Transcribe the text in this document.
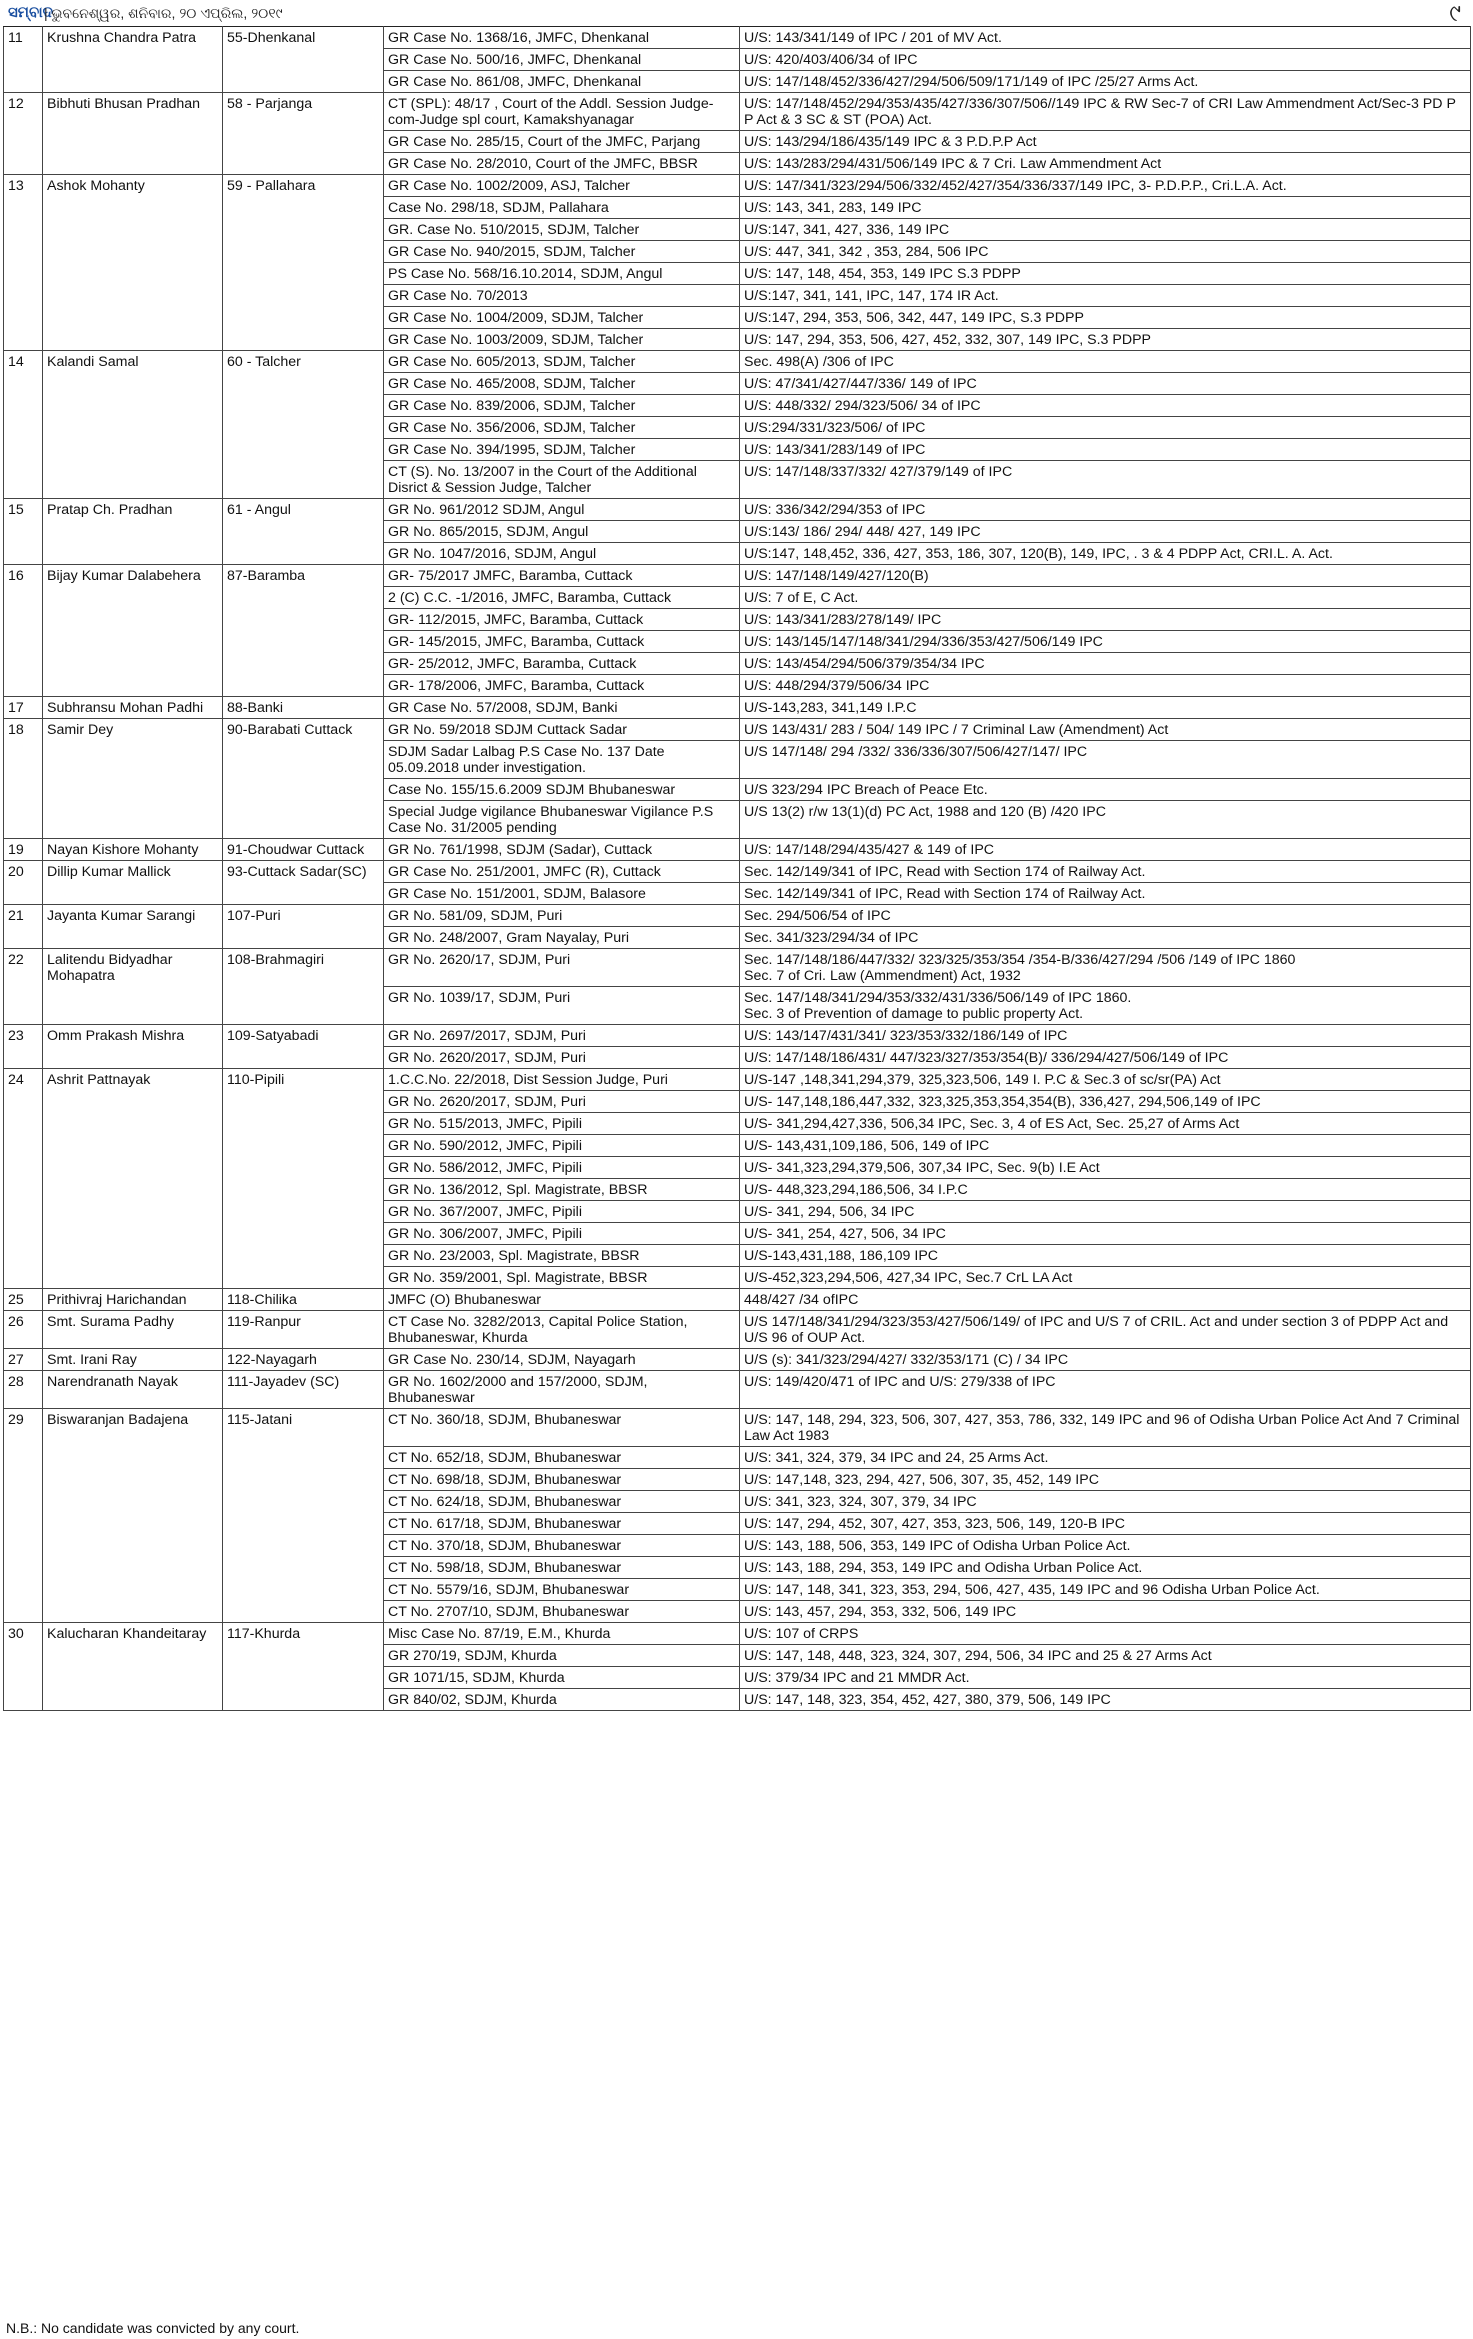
ସମ୍ବାଦ
| ଭୁବନେଶ୍ୱର, ଶନିବାର, ୨୦ ଏପ୍ରିଲ, ୨୦୧୯	୯
11	Krushna Chandra Patra	55-Dhenkanal	GR Case No. 1368/16, JMFC, Dhenkanal	U/S: 143/341/149 of IPC / 201 of MV Act.
			GR Case No. 500/16, JMFC, Dhenkanal	U/S: 420/403/406/34 of IPC
			GR Case No. 861/08, JMFC, Dhenkanal	U/S: 147/148/452/336/427/294/506/509/171/149 of IPC /25/27 Arms Act.
12	Bibhuti Bhusan Pradhan	58 - Parjanga	CT (SPL): 48/17 , Court of the Addl. Session Judge-com-Judge spl court, Kamakshyanagar	U/S: 147/148/452/294/353/435/427/336/307/506//149 IPC & RW Sec-7 of CRI Law Ammendment Act/Sec-3 PD P P Act & 3 SC & ST (POA) Act.
			GR Case No. 285/15, Court of the JMFC, Parjang	U/S: 143/294/186/435/149 IPC & 3 P.D.P.P Act
			GR Case No. 28/2010, Court of the JMFC, BBSR	U/S: 143/283/294/431/506/149 IPC & 7 Cri. Law Ammendment Act
13	Ashok Mohanty	59 - Pallahara	GR Case No. 1002/2009, ASJ, Talcher	U/S: 147/341/323/294/506/332/452/427/354/336/337/149 IPC, 3- P.D.P.P., Cri.L.A. Act.
			Case No. 298/18, SDJM, Pallahara	U/S: 143, 341, 283, 149 IPC
			GR. Case No. 510/2015, SDJM, Talcher	U/S:147, 341, 427, 336, 149 IPC
			GR Case No. 940/2015, SDJM, Talcher	U/S: 447, 341, 342 , 353, 284, 506 IPC
			PS Case No. 568/16.10.2014, SDJM, Angul	U/S: 147, 148, 454, 353, 149 IPC S.3 PDPP
			GR Case No. 70/2013	U/S:147, 341, 141, IPC, 147, 174 IR Act.
			GR Case No. 1004/2009, SDJM, Talcher	U/S:147, 294, 353, 506, 342, 447, 149 IPC, S.3 PDPP
			GR Case No. 1003/2009, SDJM, Talcher	U/S: 147, 294, 353, 506, 427, 452, 332, 307, 149 IPC, S.3 PDPP
14	Kalandi Samal	60 - Talcher	GR Case No. 605/2013, SDJM, Talcher	Sec. 498(A) /306 of IPC
			GR Case No. 465/2008, SDJM, Talcher	U/S: 47/341/427/447/336/ 149 of IPC
			GR Case No. 839/2006, SDJM, Talcher	U/S: 448/332/ 294/323/506/ 34 of IPC
			GR Case No. 356/2006, SDJM, Talcher	U/S:294/331/323/506/ of IPC
			GR Case No. 394/1995, SDJM, Talcher	U/S: 143/341/283/149 of IPC
			CT (S). No. 13/2007 in the Court of the Additional Disrict & Session Judge, Talcher	U/S: 147/148/337/332/ 427/379/149 of IPC
15	Pratap Ch. Pradhan	61 - Angul	GR No. 961/2012 SDJM, Angul	U/S: 336/342/294/353 of IPC
			GR No. 865/2015, SDJM, Angul	U/S:143/ 186/ 294/ 448/ 427, 149 IPC
			GR No. 1047/2016, SDJM, Angul	U/S:147, 148,452, 336, 427, 353, 186, 307, 120(B), 149, IPC, . 3 & 4 PDPP Act, CRI.L. A. Act.
16	Bijay Kumar Dalabehera	87-Baramba	GR- 75/2017 JMFC, Baramba, Cuttack	U/S: 147/148/149/427/120(B)
			2 (C) C.C. -1/2016, JMFC, Baramba, Cuttack	U/S: 7 of E, C Act.
			GR- 112/2015, JMFC, Baramba, Cuttack	U/S: 143/341/283/278/149/ IPC
			GR- 145/2015, JMFC, Baramba, Cuttack	U/S: 143/145/147/148/341/294/336/353/427/506/149 IPC
			GR- 25/2012, JMFC, Baramba, Cuttack	U/S: 143/454/294/506/379/354/34 IPC
			GR- 178/2006, JMFC, Baramba, Cuttack	U/S: 448/294/379/506/34 IPC
17	Subhransu Mohan Padhi	88-Banki	GR Case No. 57/2008, SDJM, Banki	U/S-143,283, 341,149 I.P.C
18	Samir Dey	90-Barabati Cuttack	GR No. 59/2018 SDJM Cuttack Sadar	U/S 143/431/ 283 / 504/ 149 IPC / 7 Criminal Law (Amendment) Act
			SDJM Sadar Lalbag P.S Case No. 137 Date 05.09.2018 under investigation.	U/S 147/148/ 294 /332/ 336/336/307/506/427/147/ IPC
			Case No. 155/15.6.2009 SDJM Bhubaneswar	U/S 323/294 IPC Breach of Peace Etc.
			Special Judge vigilance Bhubaneswar Vigilance P.S Case No. 31/2005 pending	U/S 13(2) r/w 13(1)(d) PC Act, 1988 and 120 (B) /420 IPC
19	Nayan Kishore Mohanty	91-Choudwar Cuttack	GR No. 761/1998, SDJM (Sadar), Cuttack	U/S: 147/148/294/435/427 & 149 of IPC
20	Dillip Kumar Mallick	93-Cuttack Sadar(SC)	GR Case No. 251/2001, JMFC (R), Cuttack	Sec. 142/149/341 of IPC, Read with Section 174 of Railway Act.
			GR Case No. 151/2001, SDJM, Balasore	Sec. 142/149/341 of IPC, Read with Section 174 of Railway Act.
21	Jayanta Kumar Sarangi	107-Puri	GR No. 581/09, SDJM, Puri	Sec. 294/506/54 of IPC
			GR No. 248/2007, Gram Nayalay, Puri	Sec. 341/323/294/34 of IPC
22	Lalitendu Bidyadhar Mohapatra	108-Brahmagiri	GR No. 2620/17, SDJM, Puri	Sec. 147/148/186/447/332/ 323/325/353/354 /354-B/336/427/294 /506 /149 of IPC 1860
Sec. 7 of Cri. Law (Ammendment) Act, 1932
			GR No. 1039/17, SDJM, Puri	Sec. 147/148/341/294/353/332/431/336/506/149 of IPC 1860.
Sec. 3 of Prevention of damage to public property Act.
23	Omm Prakash Mishra	109-Satyabadi	GR No. 2697/2017, SDJM, Puri	U/S: 143/147/431/341/ 323/353/332/186/149 of IPC
			GR No. 2620/2017, SDJM, Puri	U/S: 147/148/186/431/ 447/323/327/353/354(B)/ 336/294/427/506/149 of IPC
24	Ashrit Pattnayak	110-Pipili	1.C.C.No. 22/2018, Dist Session Judge, Puri	U/S-147 ,148,341,294,379, 325,323,506, 149 I. P.C & Sec.3 of sc/sr(PA) Act
			GR No. 2620/2017, SDJM, Puri	U/S- 147,148,186,447,332, 323,325,353,354,354(B), 336,427, 294,506,149 of IPC
			GR No. 515/2013, JMFC, Pipili	U/S- 341,294,427,336, 506,34 IPC, Sec. 3, 4 of ES Act, Sec. 25,27 of Arms Act
			GR No. 590/2012, JMFC, Pipili	U/S- 143,431,109,186, 506, 149 of IPC
			GR No. 586/2012, JMFC, Pipili	U/S- 341,323,294,379,506, 307,34 IPC, Sec. 9(b) I.E Act
			GR No. 136/2012, Spl. Magistrate, BBSR	U/S- 448,323,294,186,506, 34 I.P.C
			GR No. 367/2007, JMFC, Pipili	U/S- 341, 294, 506, 34 IPC
			GR No. 306/2007, JMFC, Pipili	U/S- 341, 254, 427, 506, 34 IPC
			GR No. 23/2003, Spl. Magistrate, BBSR	U/S-143,431,188, 186,109 IPC
			GR No. 359/2001, Spl. Magistrate, BBSR	U/S-452,323,294,506, 427,34 IPC, Sec.7 CrL LA Act
25	Prithivraj Harichandan	118-Chilika	JMFC (O) Bhubaneswar	448/427 /34 ofIPC
26	Smt. Surama Padhy	119-Ranpur	CT Case No. 3282/2013, Capital Police Station, Bhubaneswar, Khurda	U/S 147/148/341/294/323/353/427/506/149/ of IPC and U/S 7 of CRIL. Act and under section 3 of PDPP Act and U/S 96 of OUP Act.
27	Smt. Irani Ray	122-Nayagarh	GR Case No. 230/14, SDJM, Nayagarh	U/S (s): 341/323/294/427/ 332/353/171 (C) / 34 IPC
28	Narendranath Nayak	111-Jayadev (SC)	GR No. 1602/2000 and 157/2000, SDJM, Bhubaneswar	U/S: 149/420/471 of IPC and U/S: 279/338 of IPC
29	Biswaranjan Badajena	115-Jatani	CT No. 360/18, SDJM, Bhubaneswar	U/S: 147, 148, 294, 323, 506, 307, 427, 353, 786, 332, 149 IPC and 96 of Odisha Urban Police Act And 7 Criminal Law Act 1983
			CT No. 652/18, SDJM, Bhubaneswar	U/S: 341, 324, 379, 34 IPC and 24, 25 Arms Act.
			CT No. 698/18, SDJM, Bhubaneswar	U/S: 147,148, 323, 294, 427, 506, 307, 35, 452, 149 IPC
			CT No. 624/18, SDJM, Bhubaneswar	U/S: 341, 323, 324, 307, 379, 34 IPC
			CT No. 617/18, SDJM, Bhubaneswar	U/S: 147, 294, 452, 307, 427, 353, 323, 506, 149, 120-B IPC
			CT No. 370/18, SDJM, Bhubaneswar	U/S: 143, 188, 506, 353, 149 IPC of Odisha Urban Police Act.
			CT No. 598/18, SDJM, Bhubaneswar	U/S: 143, 188, 294, 353, 149 IPC and Odisha Urban Police Act.
			CT No. 5579/16, SDJM, Bhubaneswar	U/S: 147, 148, 341, 323, 353, 294, 506, 427, 435, 149 IPC and 96 Odisha Urban Police Act.
			CT No. 2707/10, SDJM, Bhubaneswar	U/S: 143, 457, 294, 353, 332, 506, 149 IPC
30	Kalucharan Khandeitaray	117-Khurda	Misc Case No. 87/19, E.M., Khurda	U/S: 107 of CRPS
			GR 270/19, SDJM, Khurda	U/S: 147, 148, 448, 323, 324, 307, 294, 506, 34 IPC and 25 & 27 Arms Act
			GR 1071/15, SDJM, Khurda	U/S: 379/34 IPC and 21 MMDR Act.
			GR 840/02, SDJM, Khurda	U/S: 147, 148, 323, 354, 452, 427, 380, 379, 506, 149 IPC
N.B.: No candidate was convicted by any court.
